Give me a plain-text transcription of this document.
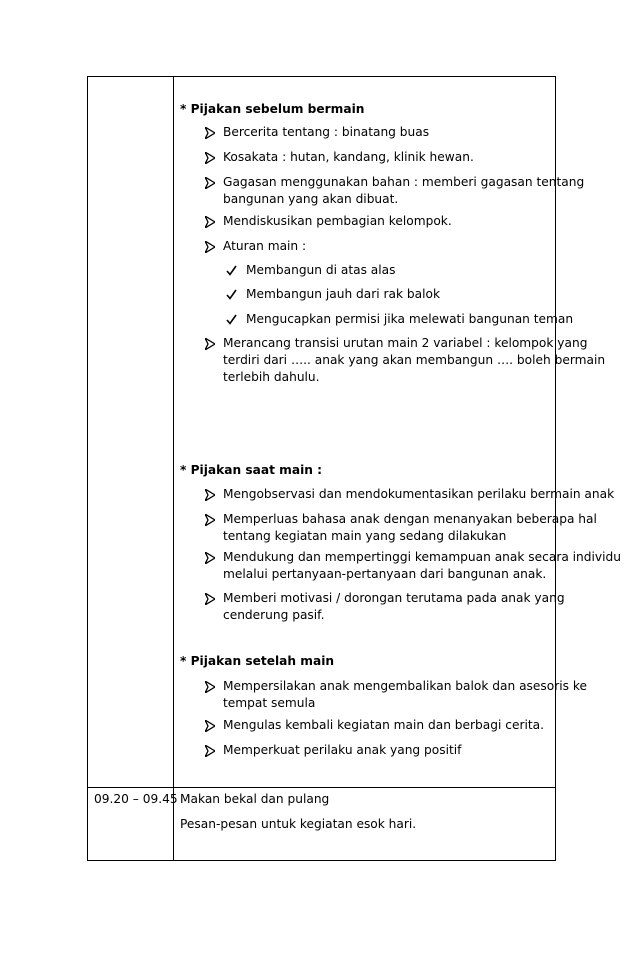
* Pijakan sebelum bermain
Bercerita tentang : binatang buas
Kosakata : hutan, kandang, klinik hewan.
Gagasan menggunakan bahan : memberi gagasan tentang
bangunan yang akan dibuat.
Mendiskusikan pembagian kelompok.
Aturan main :
Membangun di atas alas
Membangun jauh dari rak balok
Mengucapkan permisi jika melewati bangunan teman
Merancang transisi urutan main 2 variabel : kelompok yang
terdiri dari ….. anak yang akan membangun …. boleh bermain
terlebih dahulu.
* Pijakan saat main :
Mengobservasi dan mendokumentasikan perilaku bermain anak
Memperluas bahasa anak dengan menanyakan beberapa hal
tentang kegiatan main yang sedang dilakukan
Mendukung dan mempertinggi kemampuan anak secara individu
melalui pertanyaan-pertanyaan dari bangunan anak.
Memberi motivasi / dorongan terutama pada anak yang
cenderung pasif.
* Pijakan setelah main
Mempersilakan anak mengembalikan balok dan asesoris ke
tempat semula
Mengulas kembali kegiatan main dan berbagi cerita.
Memperkuat perilaku anak yang positif
09.20 – 09.45 Makan bekal dan pulang
Pesan-pesan untuk kegiatan esok hari.
